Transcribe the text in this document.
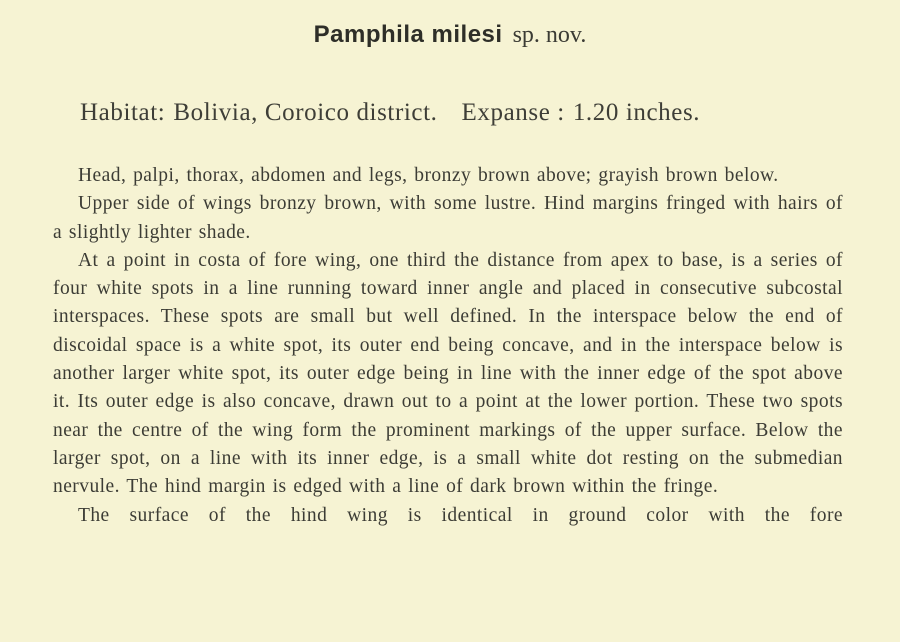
Pamphila milesi sp. nov.
Habitat: Bolivia, Coroico district. Expanse : 1.20 inches.

Head, palpi, thorax, abdomen and legs, bronzy brown above; grayish brown below.

Upper side of wings bronzy brown, with some lustre. Hind margins fringed with hairs of a slightly lighter shade.

At a point in costa of fore wing, one third the distance from apex to base, is a series of four white spots in a line running toward inner angle and placed in consecutive subcostal interspaces. These spots are small but well defined. In the interspace below the end of discoidal space is a white spot, its outer end being concave, and in the interspace below is another larger white spot, its outer edge being in line with the inner edge of the spot above it. Its outer edge is also concave, drawn out to a point at the lower portion. These two spots near the centre of the wing form the prominent markings of the upper surface. Below the larger spot, on a line with its inner edge, is a small white dot resting on the submedian nervule. The hind margin is edged with a line of dark brown within the fringe.

The surface of the hind wing is identical in ground color with the fore
